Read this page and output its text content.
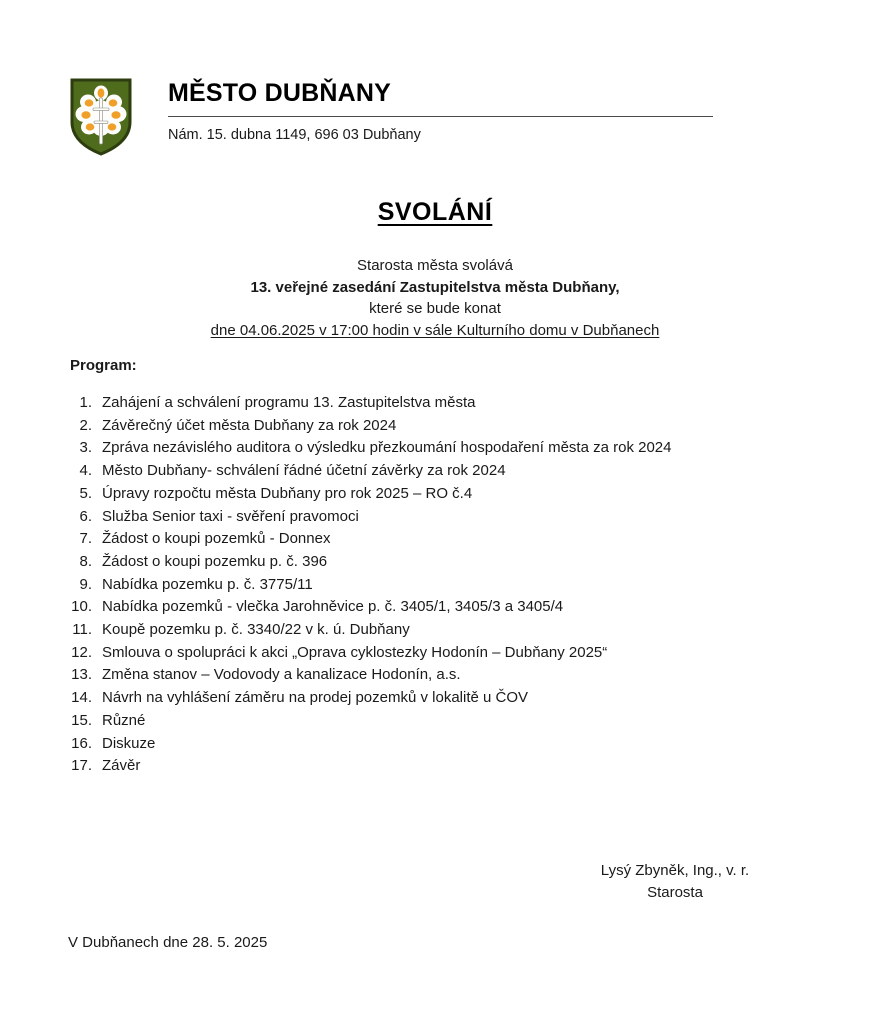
MĚSTO DUBŇANY
Nám. 15. dubna 1149, 696 03 Dubňany
SVOLÁNÍ
Starosta města svolává
13. veřejné zasedání Zastupitelstva města Dubňany,
které se bude konat
dne 04.06.2025 v 17:00 hodin v sále Kulturního domu v Dubňanech
Program:
1. Zahájení a schválení programu 13. Zastupitelstva města
2. Závěrečný účet města Dubňany za rok 2024
3. Zpráva nezávislého auditora o výsledku přezkoumání hospodaření města za rok 2024
4. Město Dubňany- schválení řádné účetní závěrky za rok 2024
5. Úpravy rozpočtu města Dubňany pro rok 2025 – RO č.4
6. Služba Senior taxi - svěření pravomoci
7. Žádost o koupi pozemků - Donnex
8. Žádost o koupi pozemku p. č. 396
9. Nabídka pozemku p. č. 3775/11
10. Nabídka pozemků - vlečka Jarohněvice p. č. 3405/1, 3405/3 a 3405/4
11. Koupě pozemku p. č. 3340/22 v k. ú. Dubňany
12. Smlouva o spolupráci k akci „Oprava cyklostezky Hodonín – Dubňany 2025“
13. Změna stanov – Vodovody a kanalizace Hodonín, a.s.
14. Návrh na vyhlášení záměru na prodej pozemků v lokalitě u ČOV
15. Různé
16. Diskuze
17. Závěr
Lysý Zbyněk, Ing., v. r.
Starosta
V Dubňanech dne 28. 5. 2025
